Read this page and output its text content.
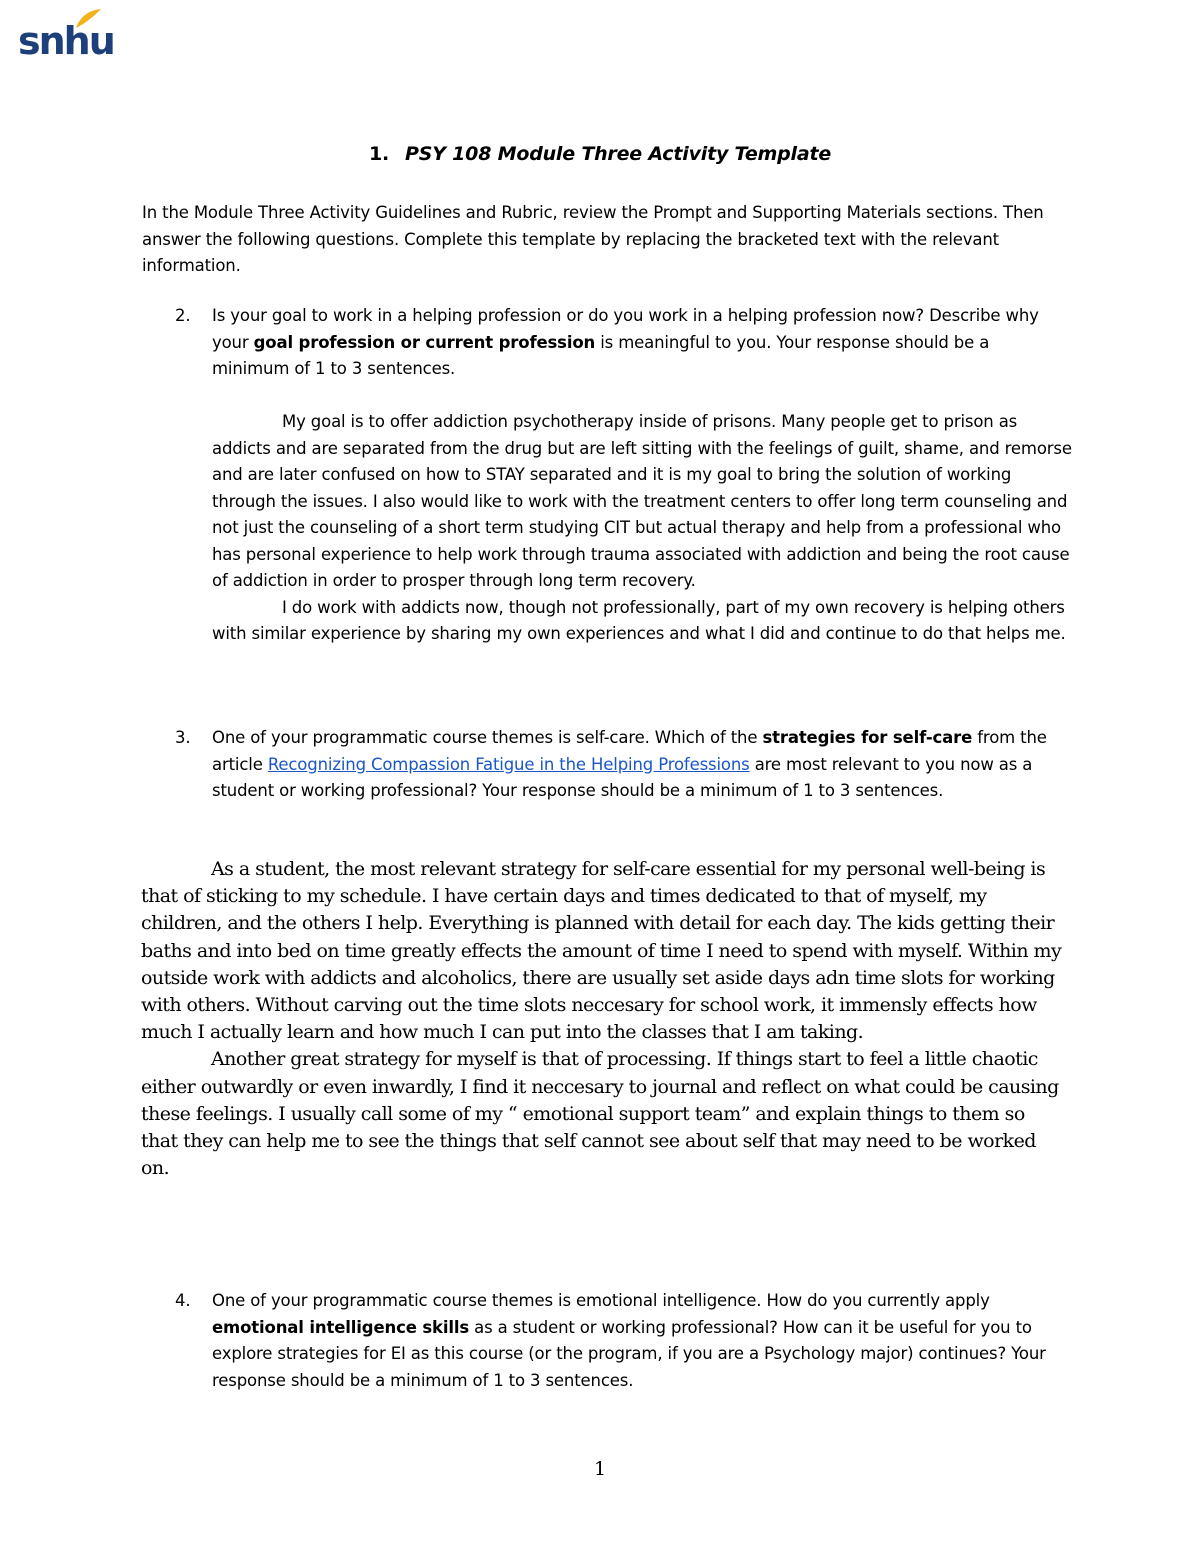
snhu
1. PSY 108 Module Three Activity Template
In the Module Three Activity Guidelines and Rubric, review the Prompt and Supporting Materials sections. Then answer the following questions. Complete this template by replacing the bracketed text with the relevant information.
2. Is your goal to work in a helping profession or do you work in a helping profession now? Describe why your goal profession or current profession is meaningful to you. Your response should be a minimum of 1 to 3 sentences.

My goal is to offer addiction psychotherapy inside of prisons. Many people get to prison as addicts and are separated from the drug but are left sitting with the feelings of guilt, shame, and remorse and are later confused on how to STAY separated and it is my goal to bring the solution of working through the issues. I also would like to work with the treatment centers to offer long term counseling and not just the counseling of a short term studying CIT but actual therapy and help from a professional who has personal experience to help work through trauma associated with addiction and being the root cause of addiction in order to prosper through long term recovery.

I do work with addicts now, though not professionally, part of my own recovery is helping others with similar experience by sharing my own experiences and what I did and continue to do that helps me.

3. One of your programmatic course themes is self-care. Which of the strategies for self-care from the article Recognizing Compassion Fatigue in the Helping Professions are most relevant to you now as a student or working professional? Your response should be a minimum of 1 to 3 sentences.

As a student, the most relevant strategy for self-care essential for my personal well-being is that of sticking to my schedule. I have certain days and times dedicated to that of myself, my children, and the others I help. Everything is planned with detail for each day. The kids getting their baths and into bed on time greatly effects the amount of time I need to spend with myself. Within my outside work with addicts and alcoholics, there are usually set aside days adn time slots for working with others. Without carving out the time slots neccesary for school work, it immensly effects how much I actually learn and how much I can put into the classes that I am taking.

Another great strategy for myself is that of processing. If things start to feel a little chaotic either outwardly or even inwardly, I find it neccesary to journal and reflect on what could be causing these feelings. I usually call some of my “ emotional support team” and explain things to them so that they can help me to see the things that self cannot see about self that may need to be worked on.

4. One of your programmatic course themes is emotional intelligence. How do you currently apply emotional intelligence skills as a student or working professional? How can it be useful for you to explore strategies for EI as this course (or the program, if you are a Psychology major) continues? Your response should be a minimum of 1 to 3 sentences.
1
